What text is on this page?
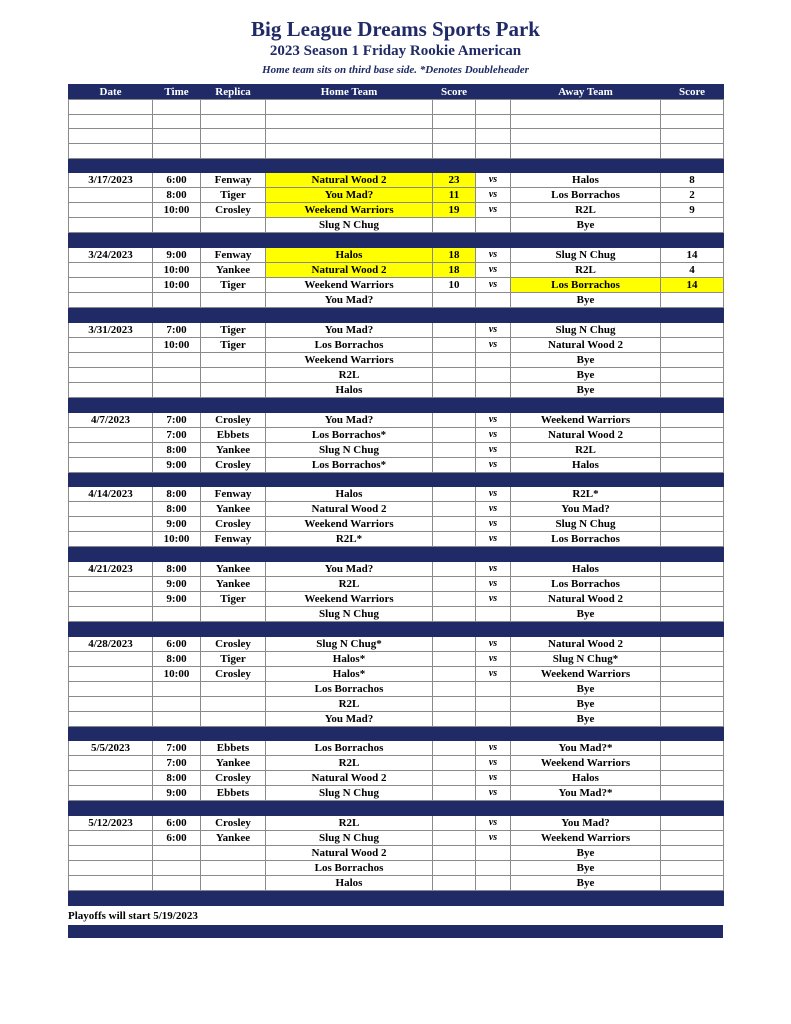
Big League Dreams Sports Park
2023 Season 1 Friday Rookie American
Home team sits on third base side. *Denotes Doubleheader
Date	Time	Replica	Home Team	Score		Away Team	Score

3/17/2023	6:00	Fenway	Natural Wood 2	23	vs	Halos	8
	8:00	Tiger	You Mad?	11	vs	Los Borrachos	2
	10:00	Crosley	Weekend Warriors	19	vs	R2L	9
			Slug N Chug			Bye	

3/24/2023	9:00	Fenway	Halos	18	vs	Slug N Chug	14
	10:00	Yankee	Natural Wood 2	18	vs	R2L	4
	10:00	Tiger	Weekend Warriors	10	vs	Los Borrachos	14
			You Mad?			Bye	

3/31/2023	7:00	Tiger	You Mad?		vs	Slug N Chug	
	10:00	Tiger	Los Borrachos		vs	Natural Wood 2	
			Weekend Warriors			Bye	
			R2L			Bye	
			Halos			Bye	

4/7/2023	7:00	Crosley	You Mad?		vs	Weekend Warriors	
	7:00	Ebbets	Los Borrachos*		vs	Natural Wood 2	
	8:00	Yankee	Slug N Chug		vs	R2L	
	9:00	Crosley	Los Borrachos*		vs	Halos	

4/14/2023	8:00	Fenway	Halos		vs	R2L*	
	8:00	Yankee	Natural Wood 2		vs	You Mad?	
	9:00	Crosley	Weekend Warriors		vs	Slug N Chug	
	10:00	Fenway	R2L*		vs	Los Borrachos	

4/21/2023	8:00	Yankee	You Mad?		vs	Halos	
	9:00	Yankee	R2L		vs	Los Borrachos	
	9:00	Tiger	Weekend Warriors		vs	Natural Wood 2	
			Slug N Chug			Bye	

4/28/2023	6:00	Crosley	Slug N Chug*		vs	Natural Wood 2	
	8:00	Tiger	Halos*		vs	Slug N Chug*	
	10:00	Crosley	Halos*		vs	Weekend Warriors	
			Los Borrachos			Bye	
			R2L			Bye	
			You Mad?			Bye	

5/5/2023	7:00	Ebbets	Los Borrachos		vs	You Mad?*	
	7:00	Yankee	R2L		vs	Weekend Warriors	
	8:00	Crosley	Natural Wood 2		vs	Halos	
	9:00	Ebbets	Slug N Chug		vs	You Mad?*	

5/12/2023	6:00	Crosley	R2L		vs	You Mad?	
	6:00	Yankee	Slug N Chug		vs	Weekend Warriors	
			Natural Wood 2			Bye	
			Los Borrachos			Bye	
			Halos			Bye	

Playoffs will start 5/19/2023
